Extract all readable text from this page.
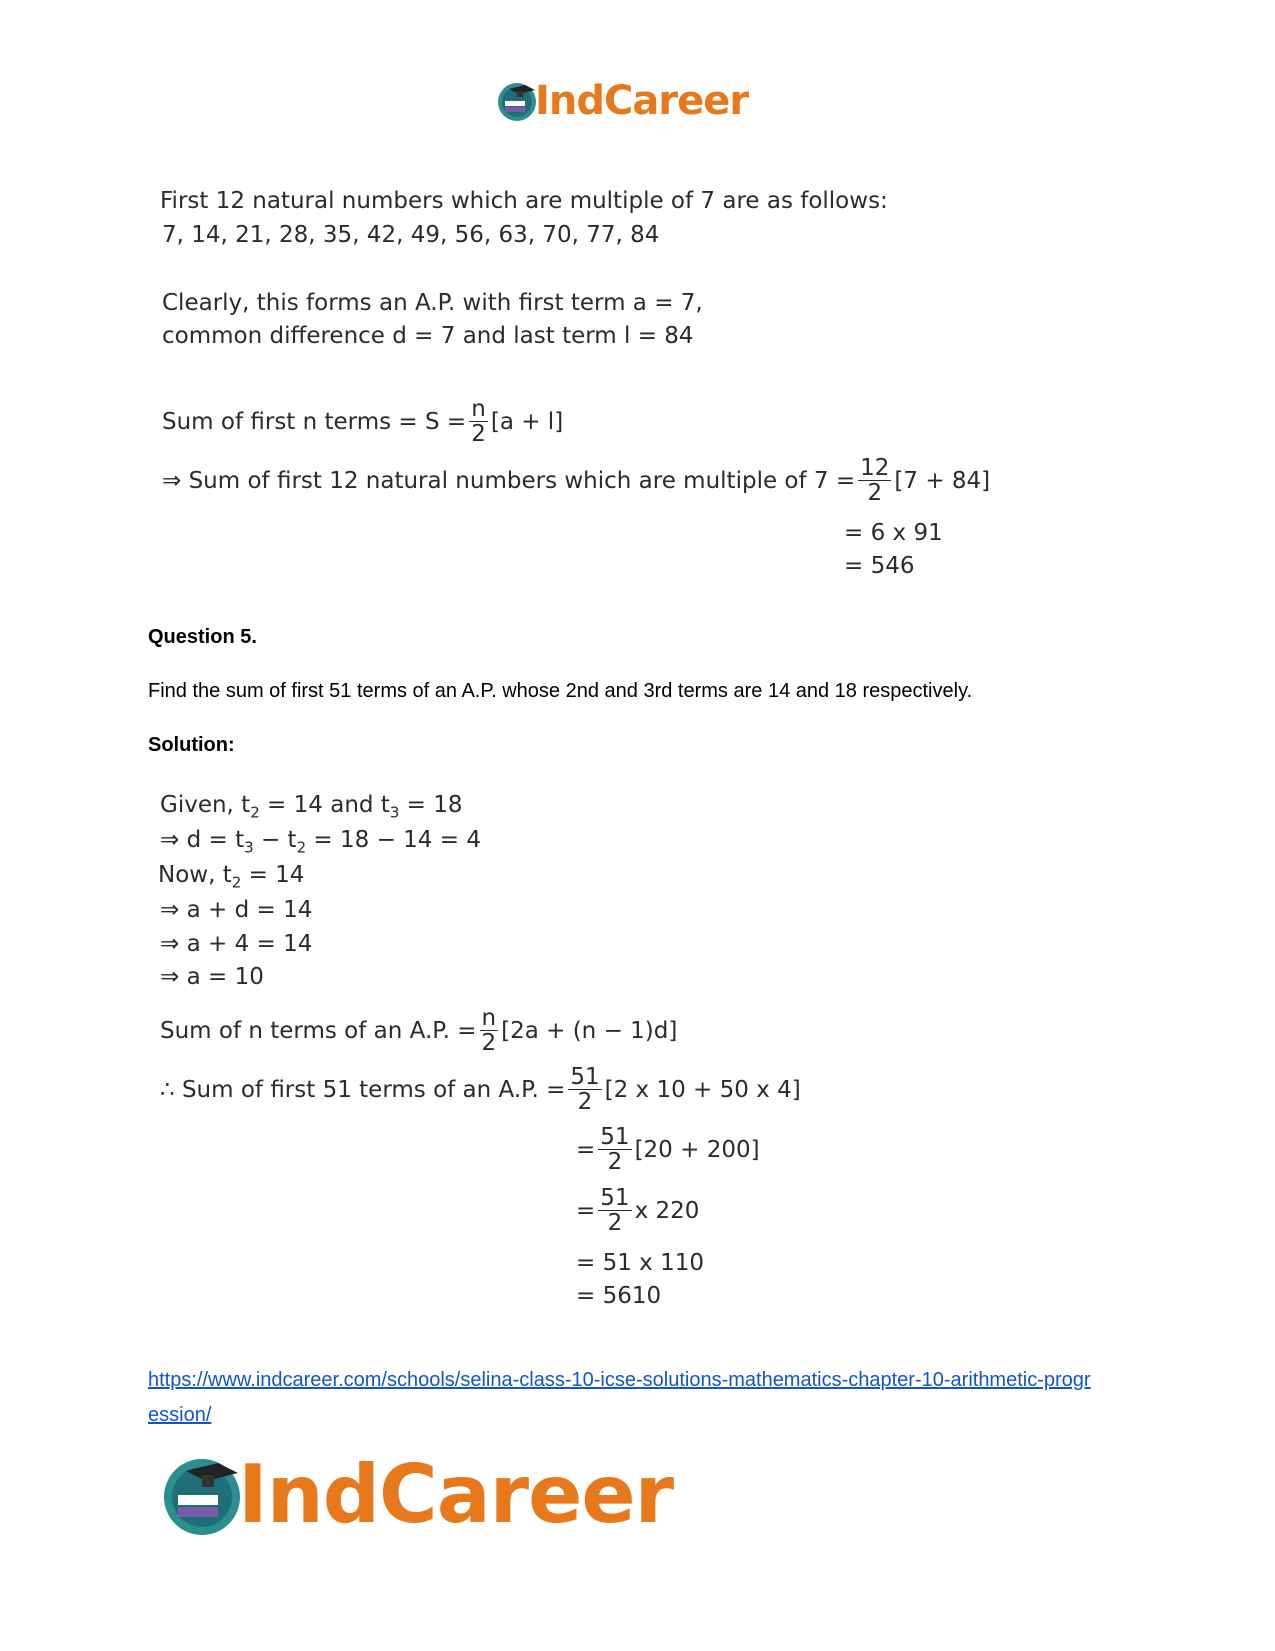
IndCareer
First 12 natural numbers which are multiple of 7 are as follows:
7, 14, 21, 28, 35, 42, 49, 56, 63, 70, 77, 84
Clearly, this forms an A.P. with first term a = 7,
common difference d = 7 and last term l = 84
Sum of first n terms = $S = \frac{n}{2} [a + l]$
⇒ Sum of first 12 natural numbers which are multiple of $7 = \frac{12}{2} [7 + 84]$
= 6 x 91
= 546
Question 5.
Find the sum of first 51 terms of an A.P. whose 2nd and 3rd terms are 14 and 18 respectively.
Solution:
Given, $t_2 = 14$ and $t_3 = 18$
⇒ $d = t_3 - t_2 = 18 - 14 = 4$
Now, $t_2 = 14$
⇒ a + d = 14
⇒ a + 4 = 14
⇒ a = 10
Sum of n terms of an A.P. = $\frac{n}{2} [2a + (n - 1)d]$
∴ Sum of first 51 terms of an A.P. = $\frac{51}{2} [2$ x 10 + 50 x 4]
= $\frac{51}{2} [20 + 200]$
= $\frac{51}{2}$ x 220
= 51 x 110
= 5610
https://www.indcareer.com/schools/selina-class-10-icse-solutions-mathematics-chapter-10-arithmetic-progression/
IndCareer
